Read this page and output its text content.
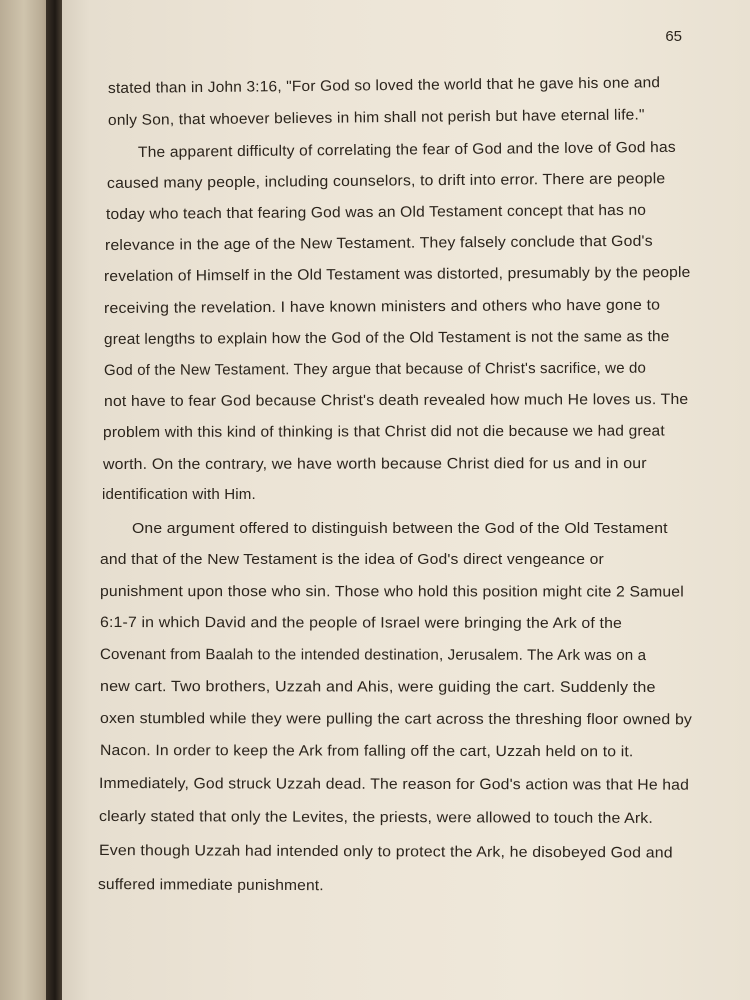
65
stated than in John 3:16, "For God so loved the world that he gave his one and
only Son, that whoever believes in him shall not perish but have eternal life."
The apparent difficulty of correlating the fear of God and the love of God has
caused many people, including counselors, to drift into error. There are people
today who teach that fearing God was an Old Testament concept that has no
relevance in the age of the New Testament. They falsely conclude that God's
revelation of Himself in the Old Testament was distorted, presumably by the people
receiving the revelation. I have known ministers and others who have gone to
great lengths to explain how the God of the Old Testament is not the same as the
God of the New Testament. They argue that because of Christ's sacrifice, we do
not have to fear God because Christ's death revealed how much He loves us. The
problem with this kind of thinking is that Christ did not die because we had great
worth. On the contrary, we have worth because Christ died for us and in our
identification with Him.
One argument offered to distinguish between the God of the Old Testament
and that of the New Testament is the idea of God's direct vengeance or
punishment upon those who sin. Those who hold this position might cite 2 Samuel
6:1-7 in which David and the people of Israel were bringing the Ark of the
Covenant from Baalah to the intended destination, Jerusalem. The Ark was on a
new cart. Two brothers, Uzzah and Ahis, were guiding the cart. Suddenly the
oxen stumbled while they were pulling the cart across the threshing floor owned by
Nacon. In order to keep the Ark from falling off the cart, Uzzah held on to it.
Immediately, God struck Uzzah dead. The reason for God's action was that He had
clearly stated that only the Levites, the priests, were allowed to touch the Ark.
Even though Uzzah had intended only to protect the Ark, he disobeyed God and
suffered immediate punishment.
